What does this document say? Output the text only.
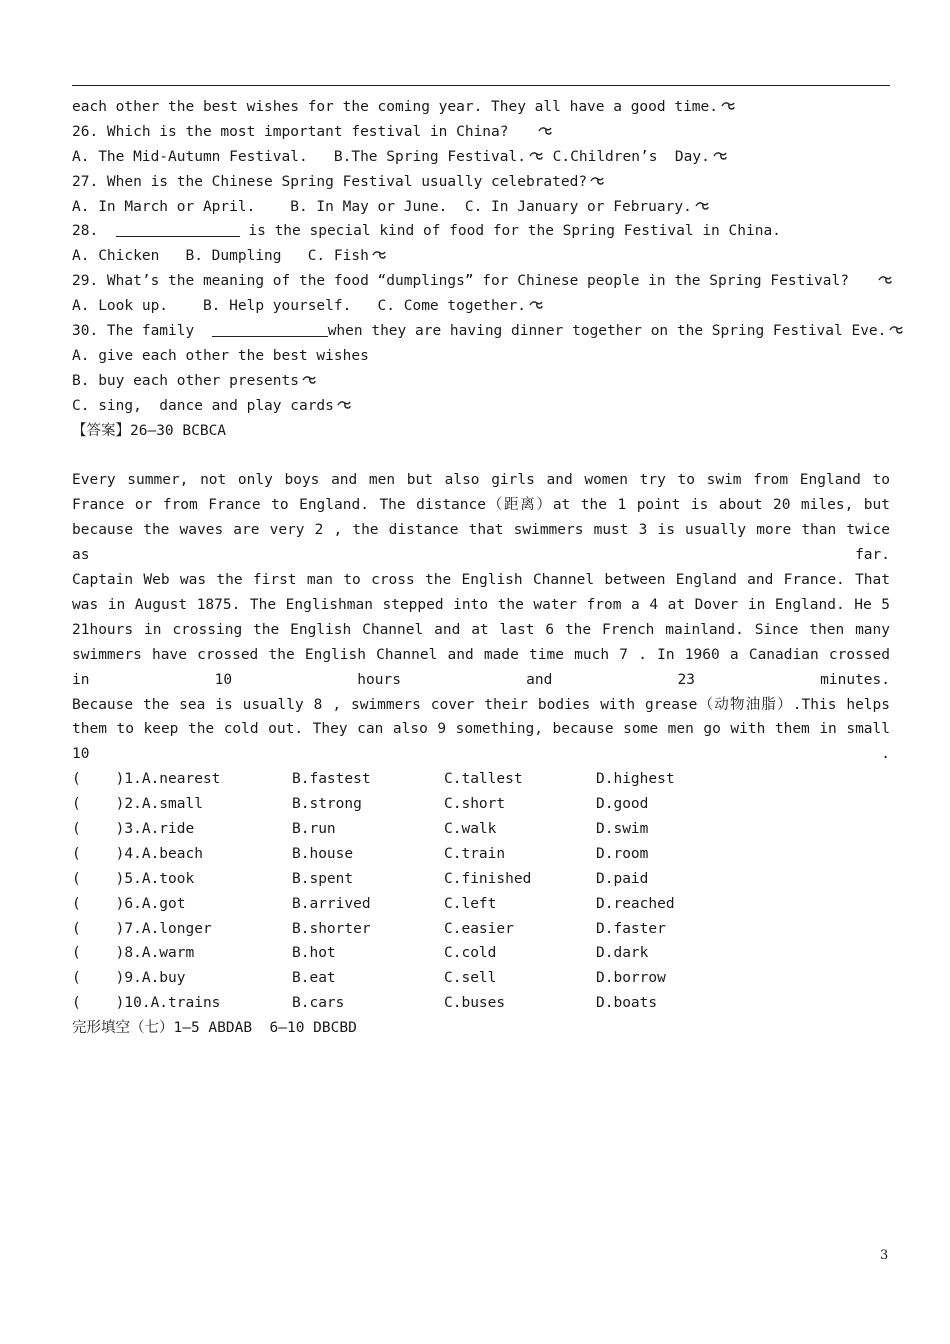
each other the best wishes for the coming year. They all have a good time.
26. Which is the most important festival in China?
A. The Mid-Autumn Festival.   B.The Spring Festival. C.Children’s  Day.
27. When is the Chinese Spring Festival usually celebrated?
A. In March or April.    B. In May or June.  C. In January or February.
28.	is the special kind of food for the Spring Festival in China.
A. Chicken   B. Dumpling   C. Fish
29. What’s the meaning of the food “dumplings” for Chinese people in the Spring Festival?
A. Look up.    B. Help yourself.   C. Come together.
30. The family	when they are having dinner together on the Spring Festival Eve.
A. give each other the best wishes
B. buy each other presents
C. sing,  dance and play cards
【答案】26—30 BCBCA
Every summer, not only boys and men but also girls and women try to swim from England to France or from France to England. The distance（距离）at the 1 point is about 20 miles, but because the waves are very 2 , the distance that swimmers must 3 is usually more than twice as far.
Captain Web was the first man to cross the English Channel between England and France. That was in August 1875. The Englishman stepped into the water from a 4 at Dover in England. He 5 21hours in crossing the English Channel and at last 6 the French mainland. Since then many swimmers have crossed the English Channel and made time much 7 . In 1960 a Canadian crossed in 10 hours and 23 minutes.
Because the sea is usually 8 , swimmers cover their bodies with grease（动物油脂）.This helps them to keep the cold out. They can also 9 something, because some men go with them in small 10 .
(    )1.A.nearest	B.fastest	C.tallest	D.highest
(    )2.A.small	B.strong	C.short	D.good
(    )3.A.ride	B.run	C.walk	D.swim
(    )4.A.beach	B.house	C.train	D.room
(    )5.A.took	B.spent	C.finished	D.paid
(    )6.A.got	B.arrived	C.left	D.reached
(    )7.A.longer	B.shorter	C.easier	D.faster
(    )8.A.warm	B.hot	C.cold	D.dark
(    )9.A.buy	B.eat	C.sell	D.borrow
(    )10.A.trains	B.cars	C.buses	D.boats
完形填空（七）1—5 ABDAB  6—10 DBCBD
3
